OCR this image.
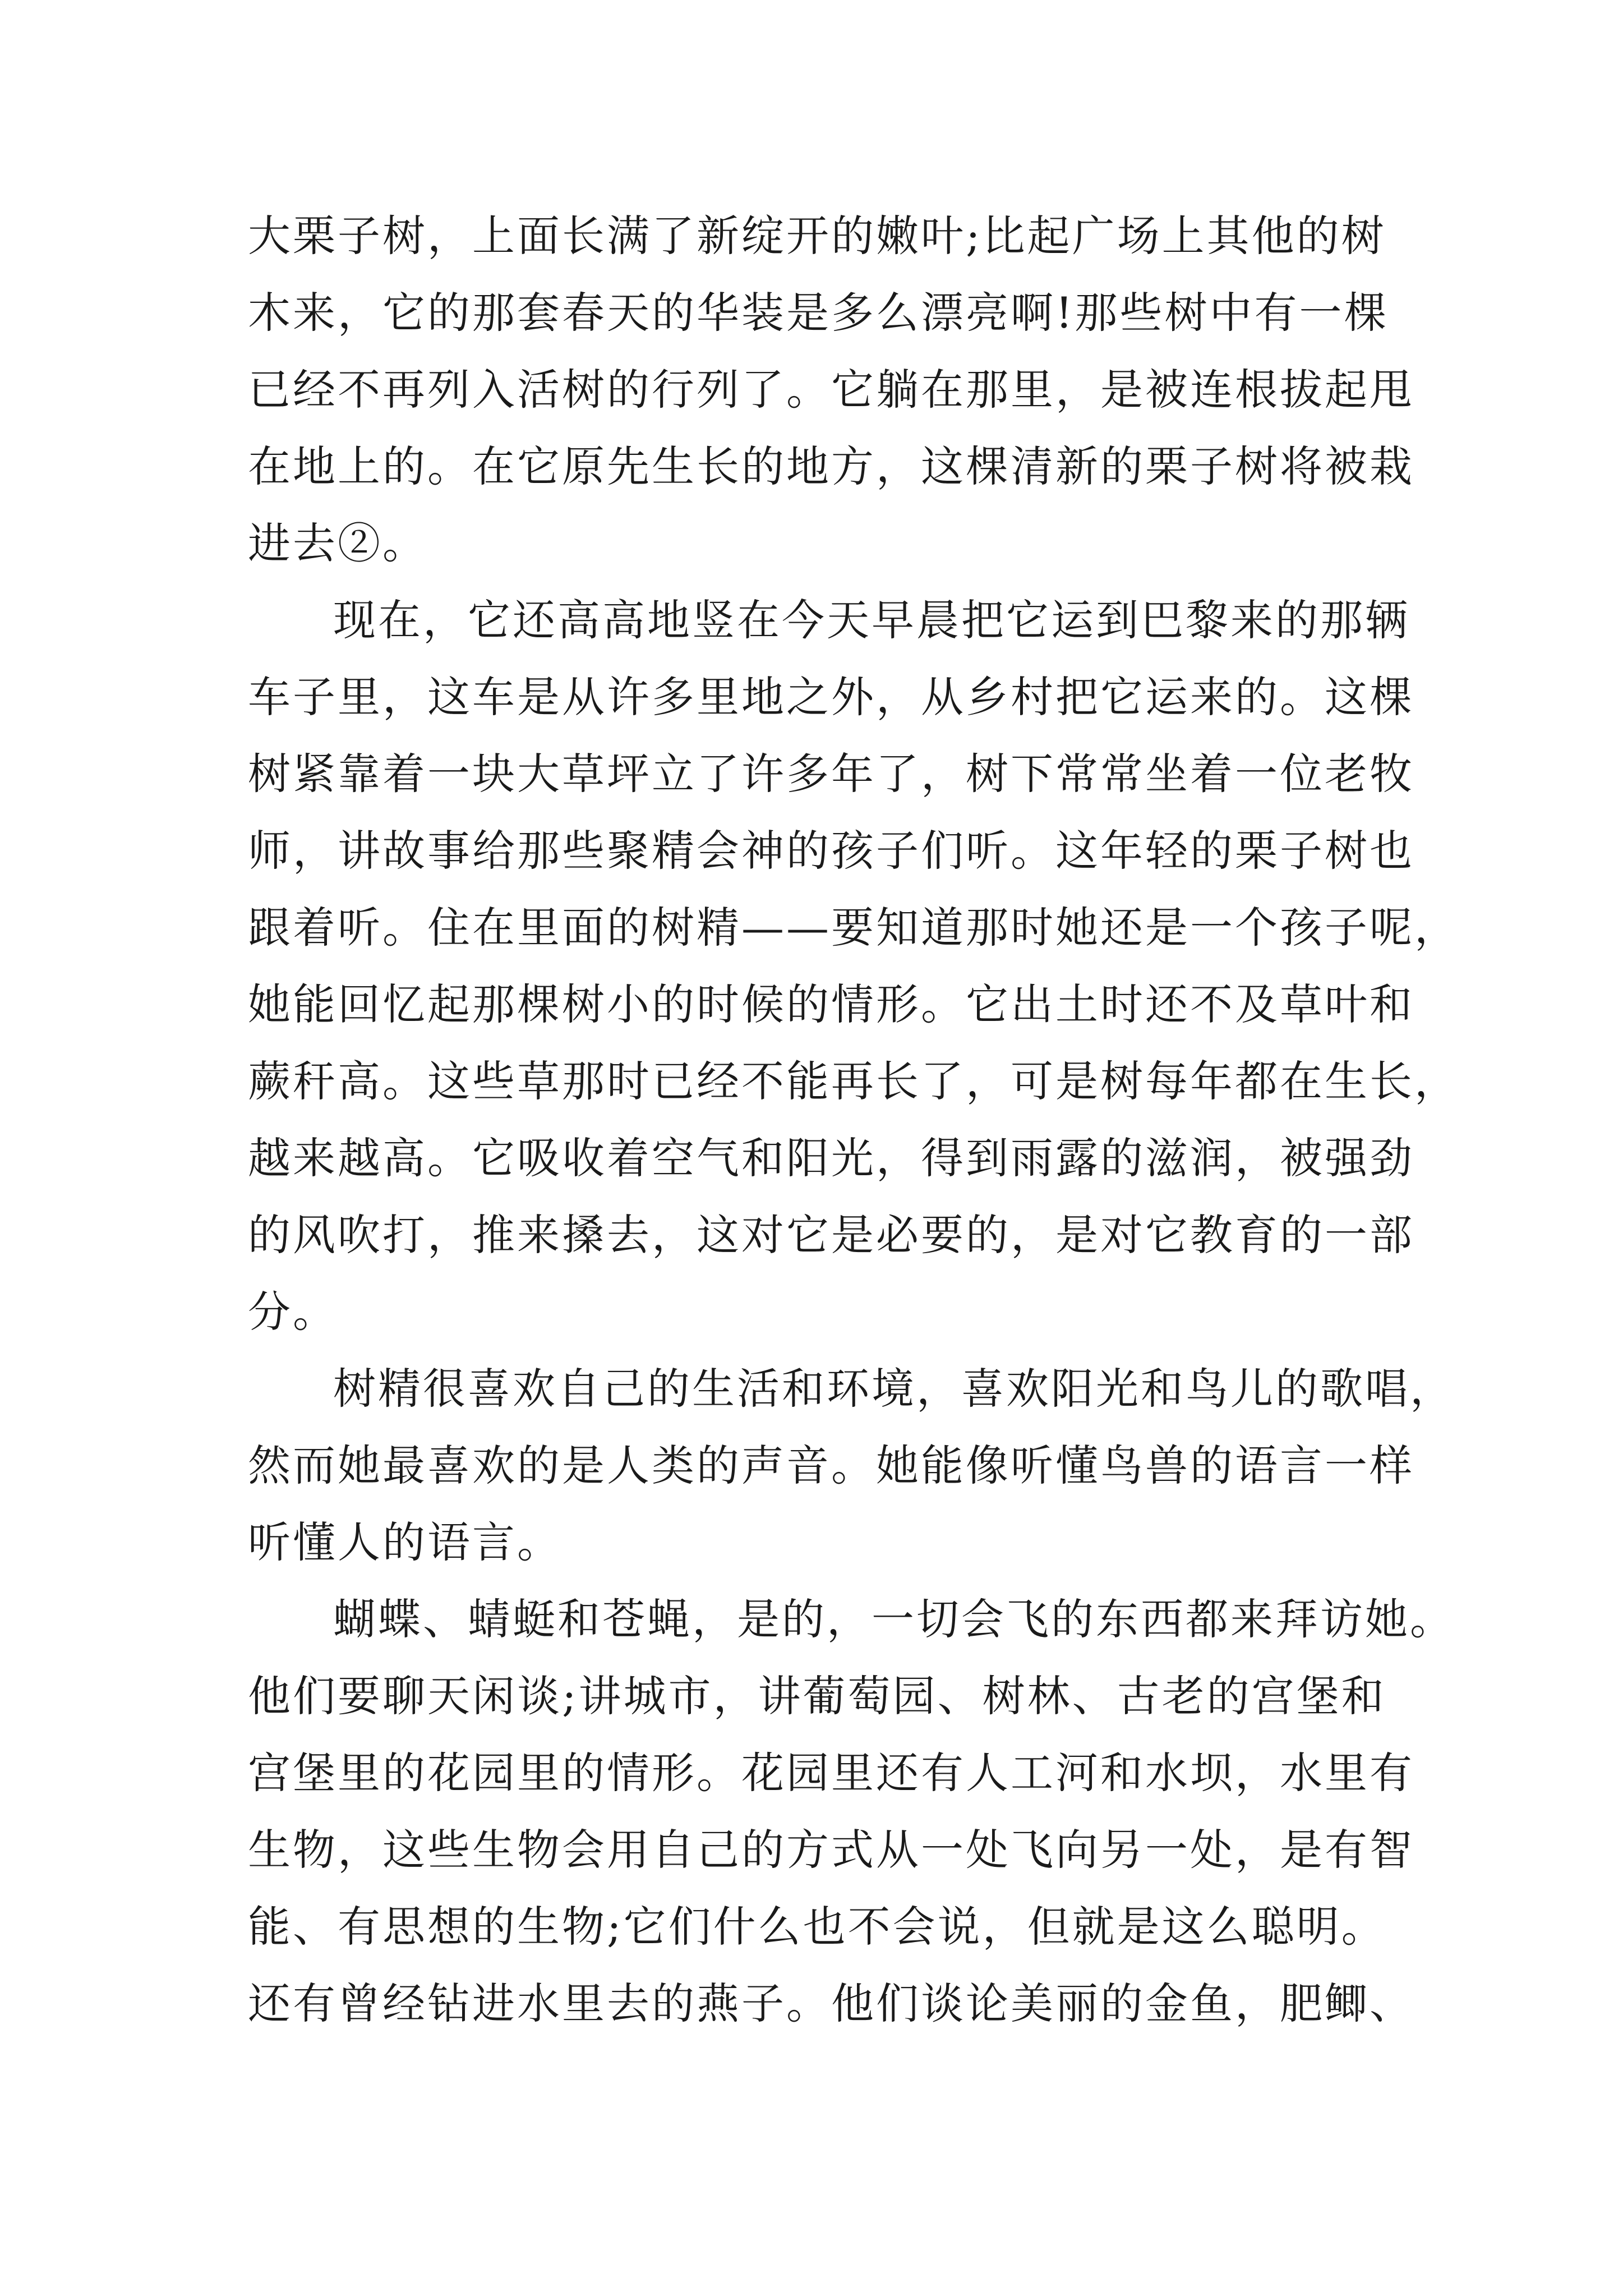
大栗子树，上面长满了新绽开的嫩叶;比起广场上其他的树
木来，它的那套春天的华装是多么漂亮啊!那些树中有一棵
已经不再列入活树的行列了。它躺在那里，是被连根拔起甩
在地上的。在它原先生长的地方，这棵清新的栗子树将被栽
进去②。
现在，它还高高地竖在今天早晨把它运到巴黎来的那辆
车子里，这车是从许多里地之外，从乡村把它运来的。这棵
树紧靠着一块大草坪立了许多年了，树下常常坐着一位老牧
师，讲故事给那些聚精会神的孩子们听。这年轻的栗子树也
跟着听。住在里面的树精——要知道那时她还是一个孩子呢，
她能回忆起那棵树小的时候的情形。它出土时还不及草叶和
蕨秆高。这些草那时已经不能再长了，可是树每年都在生长，
越来越高。它吸收着空气和阳光，得到雨露的滋润，被强劲
的风吹打，推来搡去，这对它是必要的，是对它教育的一部
分。
树精很喜欢自己的生活和环境，喜欢阳光和鸟儿的歌唱，
然而她最喜欢的是人类的声音。她能像听懂鸟兽的语言一样
听懂人的语言。
蝴蝶、蜻蜓和苍蝇，是的，一切会飞的东西都来拜访她。
他们要聊天闲谈;讲城市，讲葡萄园、树林、古老的宫堡和
宫堡里的花园里的情形。花园里还有人工河和水坝，水里有
生物，这些生物会用自己的方式从一处飞向另一处，是有智
能、有思想的生物;它们什么也不会说，但就是这么聪明。
还有曾经钻进水里去的燕子。他们谈论美丽的金鱼，肥鲫、
